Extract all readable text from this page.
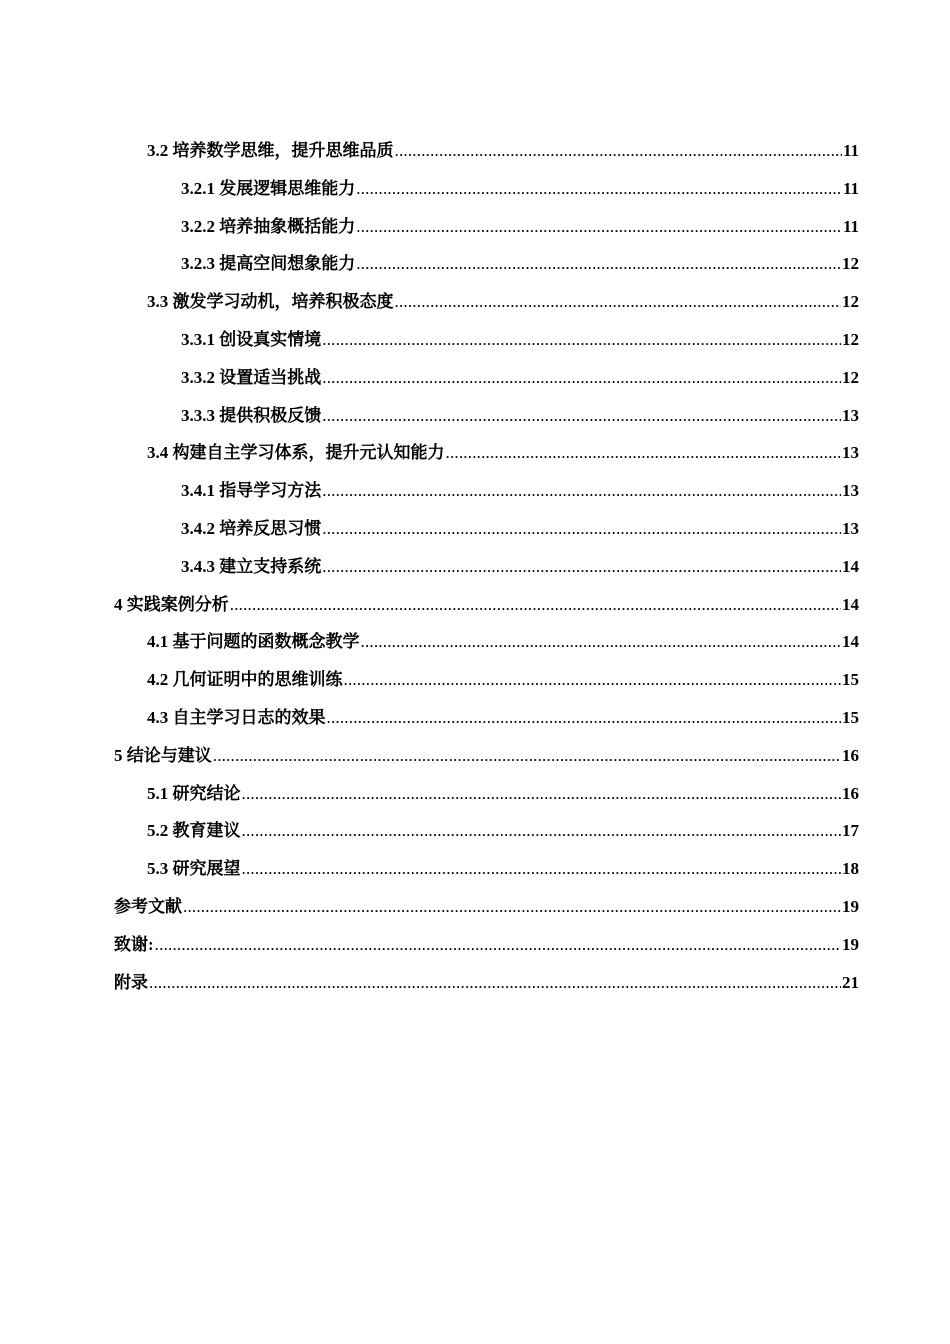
3.2 培养数学思维，提升思维品质 .....	11
3.2.1 发展逻辑思维能力 .....	11
3.2.2 培养抽象概括能力 .....	11
3.2.3 提高空间想象能力 .....	12
3.3 激发学习动机，培养积极态度 .....	12
3.3.1 创设真实情境 .....	12
3.3.2 设置适当挑战 .....	12
3.3.3 提供积极反馈 .....	13
3.4 构建自主学习体系，提升元认知能力 .....	13
3.4.1 指导学习方法 .....	13
3.4.2 培养反思习惯 .....	13
3.4.3 建立支持系统 .....	14
4 实践案例分析 .....	14
4.1 基于问题的函数概念教学 .....	14
4.2 几何证明中的思维训练 .....	15
4.3 自主学习日志的效果 .....	15
5 结论与建议 .....	16
5.1 研究结论 .....	16
5.2 教育建议 .....	17
5.3 研究展望 .....	18
参考文献 .....	19
致谢: .....	19
附录 .....	21
